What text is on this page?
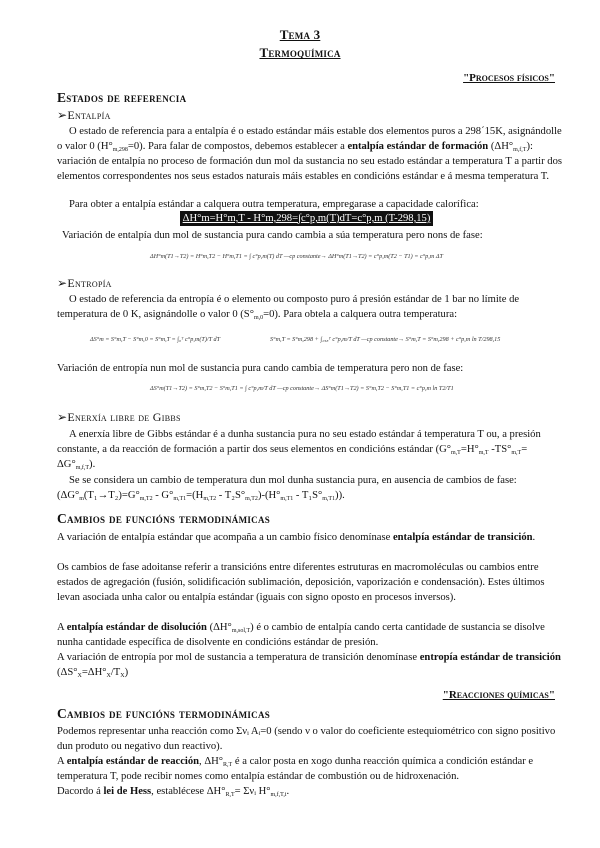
Tema 3
Termoquímica
"Procesos físicos"
Estados de referencia
➢Entalpía
O estado de referencia para a entalpía é o estado estándar máis estable dos elementos puros a 298´15K, asignándolle o valor 0 $(H^\circ_{m,298}=0)$. Para falar de compostos, debemos establecer a entalpía estándar de formación $(\Delta H^\circ_{m,f,T})$: variación de entalpía no proceso de formación dun mol da sustancia no seu estado estándar a temperatura T a partir dos elementos correspondentes nos seus estados naturais máis estables en condicións estándar e á mesma temperatura T.
Para obter a entalpía estándar a calquera outra temperatura, empregarase a capacidade calorífica:
ΔH°m=H°m,T - H°m,298=∫c°p,m(T)dT=c°p,m (T-298,15)
Variación de entalpía dun mol de sustancia pura cando cambia a súa temperatura pero nons de fase:
ΔH°m(T1→T2) = H°m,T2 − H°m,T1 = ∫ c°p,m(T) dT —cp constante→ ΔH°m(T1→T2) = c°p,m(T2 − T1) = c°p,m ΔT
➢Entropía
O estado de referencia da entropía é o elemento ou composto puro á presión estándar de 1 bar no límite de temperatura de 0 K, asignándolle o valor 0 $(S^\circ_{m,0}=0)$. Para obtela a calquera outra temperatura:
ΔS°m = S°m,T − S°m,0 = S°m,T = ∫₀ᵀ c°p,m(T)/T dT	S°m,T = S°m,298 + ∫₂₉₈ᵀ c°p,m/T dT —cp constante→ S°m,T = S°m,298 + c°p,m ln T/298,15
Variación de entropía nun mol de sustancia pura cando cambia de temperatura pero non de fase:
ΔS°m(T1→T2) = S°m,T2 − S°m,T1 = ∫ c°p,m/T dT —cp constante→ ΔS°m(T1→T2) = S°m,T2 − S°m,T1 = c°p,m ln T2/T1
➢Enerxía libre de Gibbs
A enerxía libre de Gibbs estándar é a dunha sustancia pura no seu estado estándar á temperatura T ou, a presión constante, a da reacción de formación a partir dos seus elementos en condicións estándar ($G^\circ_{m,T}=H^\circ_{m,T}$ $-TS^\circ_{m,T}= \Delta G^\circ_{m,f,T}$).
Se se considera un cambio de temperatura dun mol dunha sustancia pura, en ausencia de cambios de fase: $(\Delta G^\circ_m(T_1\to T_2)=G^\circ_{m,T2} - G^\circ_{m,T1}=(H_{m,T2} - T_2S^\circ_{m,T2})-(H^\circ_{m,T1} - T_1S^\circ_{m,T1}))$.
Cambios de funcións termodinámicas
A variación de entalpía estándar que acompaña a un cambio físico denomínase entalpía estándar de transición.
Os cambios de fase adoitanse referir a transicións entre diferentes estruturas en macromoléculas ou cambios entre estados de agregación (fusión, solidificación sublimación, deposición, vaporización e condensación). Estes últimos levan asociada unha calor ou entalpía estándar (iguais con signo oposto en procesos inversos).
A entalpía estándar de disolución $(\Delta H^\circ_{m,sol,T})$ é o cambio de entalpía cando certa cantidade de sustancia se disolve nunha cantidade específica de disolvente en condicións estándar de presión.
A variación de entropía por mol de sustancia a temperatura de transición denomínase entropía estándar de transición $(\Delta S^\circ_X=\Delta H^\circ_X/T_X)$
"Reacciones químicas"
Cambios de funcións termodinámicas
Podemos representar unha reacción como Σνᵢ Aᵢ=0 (sendo ν o valor do coeficiente estequiométrico con signo positivo dun produto ou negativo dun reactivo).
A entalpía estándar de reacción, $\Delta H^\circ_{R,T}$ é a calor posta en xogo dunha reacción química a condición estándar e temperatura T, pode recibir nomes como entalpía estándar de combustión ou de hidroxenación.
Dacordo á lei de Hess, establécese $\Delta H^\circ_{R,T}=$ Σνᵢ $H^\circ_{m,f,T,i}$.
